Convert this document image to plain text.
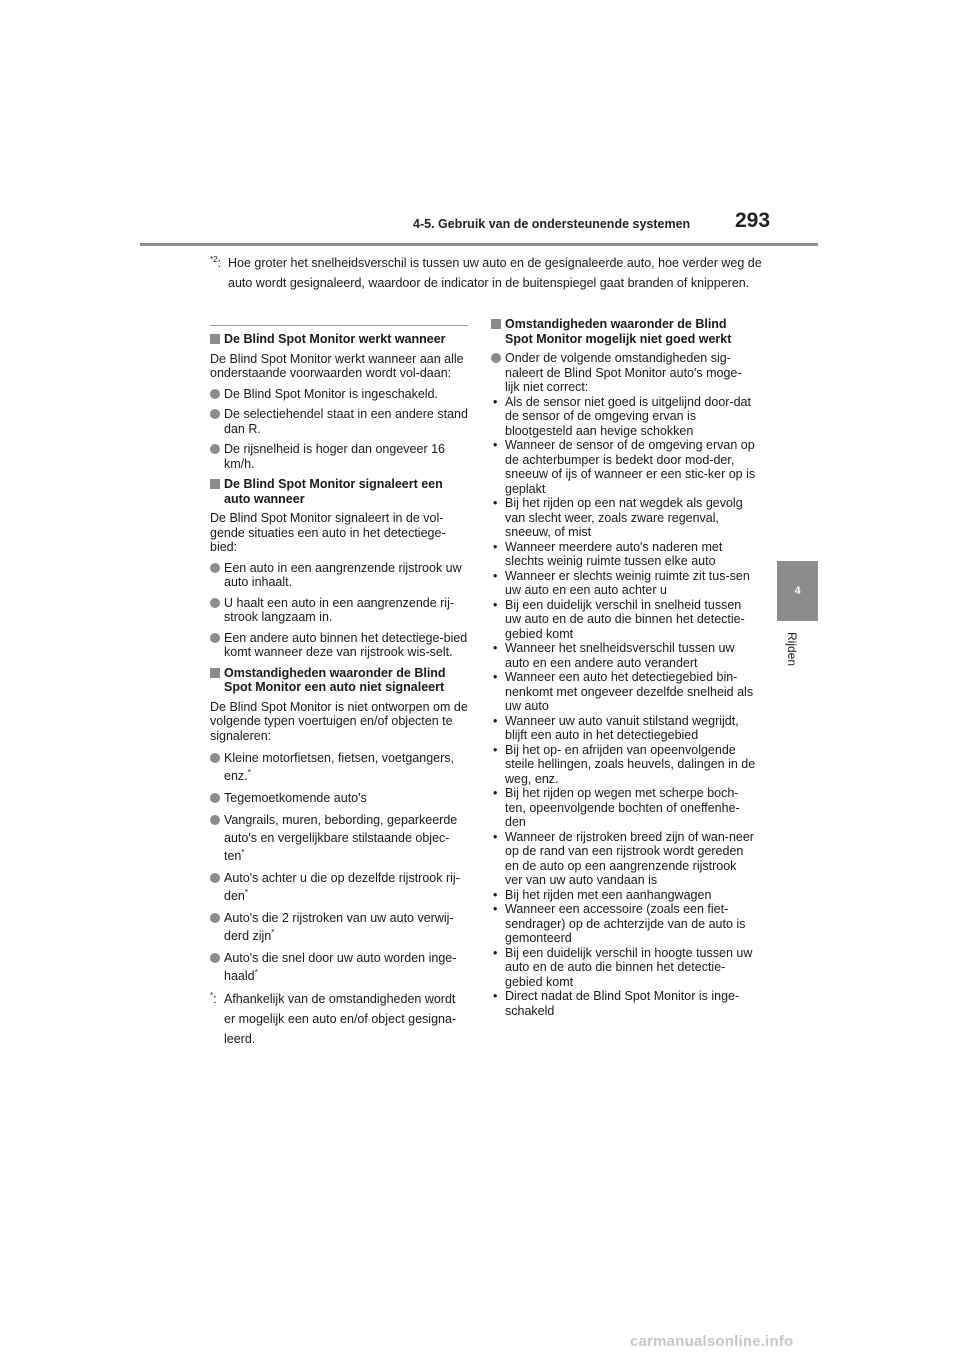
4-5. Gebruik van de ondersteunende systemen 293
4
Rijden
$^{*2}$: Hoe groter het snelheidsverschil is tussen uw auto en de gesignaleerde auto, hoe verder weg de auto wordt gesignaleerd, waardoor de indicator in de buitenspiegel gaat branden of knipperen.
De Blind Spot Monitor werkt wanneer
De Blind Spot Monitor werkt wanneer aan alle onderstaande voorwaarden wordt vol-daan:
De Blind Spot Monitor is ingeschakeld.
De selectiehendel staat in een andere stand dan R.
De rijsnelheid is hoger dan ongeveer 16 km/h.
De Blind Spot Monitor signaleert een auto wanneer
De Blind Spot Monitor signaleert in de vol-gende situaties een auto in het detectiege-bied:
Een auto in een aangrenzende rijstrook uw auto inhaalt.
U haalt een auto in een aangrenzende rij-strook langzaam in.
Een andere auto binnen het detectiege-bied komt wanneer deze van rijstrook wis-selt.
Omstandigheden waaronder de Blind Spot Monitor een auto niet signaleert
De Blind Spot Monitor is niet ontworpen om de volgende typen voertuigen en/of objecten te signaleren:
Kleine motorfietsen, fietsen, voetgangers, enz.*
Tegemoetkomende auto's
Vangrails, muren, bebording, geparkeerde auto's en vergelijkbare stilstaande objec-ten*
Auto's achter u die op dezelfde rijstrook rij-den*
Auto's die 2 rijstroken van uw auto verwij-derd zijn*
Auto's die snel door uw auto worden inge-haald*
*: Afhankelijk van de omstandigheden wordt er mogelijk een auto en/of object gesigna-leerd.
Omstandigheden waaronder de Blind Spot Monitor mogelijk niet goed werkt
Onder de volgende omstandigheden sig-naleert de Blind Spot Monitor auto's moge-lijk niet correct:
• Als de sensor niet goed is uitgelijnd door-dat de sensor of de omgeving ervan is blootgesteld aan hevige schokken
• Wanneer de sensor of de omgeving ervan op de achterbumper is bedekt door mod-der, sneeuw of ijs of wanneer er een stic-ker op is geplakt
• Bij het rijden op een nat wegdek als gevolg van slecht weer, zoals zware regenval, sneeuw, of mist
• Wanneer meerdere auto's naderen met slechts weinig ruimte tussen elke auto
• Wanneer er slechts weinig ruimte zit tus-sen uw auto en een auto achter u
• Bij een duidelijk verschil in snelheid tussen uw auto en de auto die binnen het detectie-gebied komt
• Wanneer het snelheidsverschil tussen uw auto en een andere auto verandert
• Wanneer een auto het detectiegebied bin-nenkomt met ongeveer dezelfde snelheid als uw auto
• Wanneer uw auto vanuit stilstand wegrijdt, blijft een auto in het detectiegebied
• Bij het op- en afrijden van opeenvolgende steile hellingen, zoals heuvels, dalingen in de weg, enz.
• Bij het rijden op wegen met scherpe boch-ten, opeenvolgende bochten of oneffenhe-den
• Wanneer de rijstroken breed zijn of wan-neer op de rand van een rijstrook wordt gereden en de auto op een aangrenzende rijstrook ver van uw auto vandaan is
• Bij het rijden met een aanhangwagen
• Wanneer een accessoire (zoals een fiet-sendrager) op de achterzijde van de auto is gemonteerd
• Bij een duidelijk verschil in hoogte tussen uw auto en de auto die binnen het detectie-gebied komt
• Direct nadat de Blind Spot Monitor is inge-schakeld
carmanualsonline.info
